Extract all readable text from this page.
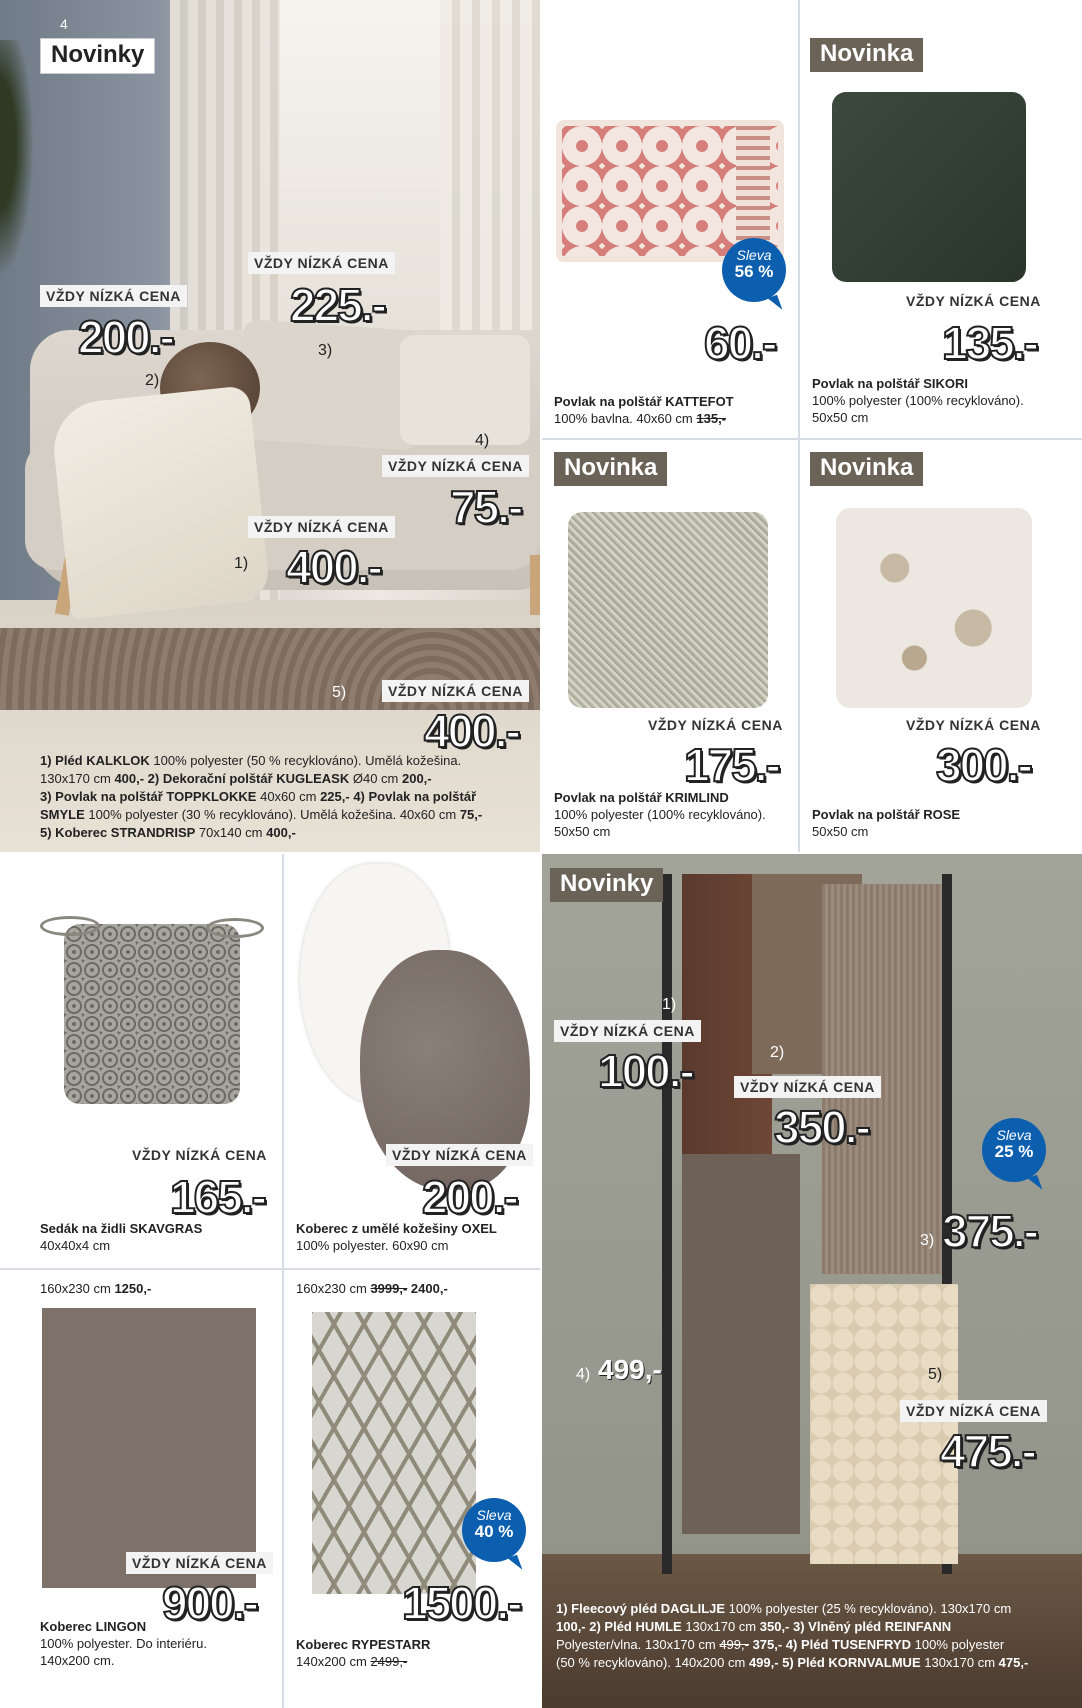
4
Novinky
VŽDY NÍZKÁ CENA
200.-
2)
VŽDY NÍZKÁ CENA
225.-
3)
4)
VŽDY NÍZKÁ CENA
75.-
VŽDY NÍZKÁ CENA
1) 400.-
5)	VŽDY NÍZKÁ CENA
400.-
1) Pléd KALKLOK 100% polyester (50 % recyklováno). Umělá kožešina.
130x170 cm 400,- 2) Dekorační polštář KUGLEASK Ø40 cm 200,-
3) Povlak na polštář TOPPKLOKKE 40x60 cm 225,- 4) Povlak na polštář
SMYLE 100% polyester (30 % recyklováno). Umělá kožešina. 40x60 cm 75,-
5) Koberec STRANDRISP 70x140 cm 400,-
Sleva
56 %
60.-
Povlak na polštář KATTEFOT
100% bavlna. 40x60 cm 135,-
Novinka
VŽDY NÍZKÁ CENA
135.-
Povlak na polštář SIKORI
100% polyester (100% recyklováno).
50x50 cm
Novinka
VŽDY NÍZKÁ CENA
175.-
Povlak na polštář KRIMLIND
100% polyester (100% recyklováno).
50x50 cm
Novinka
VŽDY NÍZKÁ CENA
300.-
Povlak na polštář ROSE
50x50 cm
VŽDY NÍZKÁ CENA
165.-
Sedák na židli SKAVGRAS
40x40x4 cm
VŽDY NÍZKÁ CENA
200.-
Koberec z umělé kožešiny OXEL
100% polyester. 60x90 cm
160x230 cm 1250,-
VŽDY NÍZKÁ CENA
900.-
Koberec LINGON
100% polyester. Do interiéru.
140x200 cm.
160x230 cm 3999,- 2400,-
Sleva
40 %
1500.-
Koberec RYPESTARR
140x200 cm 2499,-
Novinky
1)
VŽDY NÍZKÁ CENA
100.-	2)
VŽDY NÍZKÁ CENA
350.-	Sleva
25 %
3) 375.-
4) 499,-	5)
VŽDY NÍZKÁ CENA
475.-
1) Fleecový pléd DAGLILJE 100% polyester (25 % recyklováno). 130x170 cm
100,- 2) Pléd HUMLE 130x170 cm 350,- 3) Vlněný pléd REINFANN
Polyester/vlna. 130x170 cm 499,- 375,- 4) Pléd TUSENFRYD 100% polyester
(50 % recyklováno). 140x200 cm 499,- 5) Pléd KORNVALMUE 130x170 cm 475,-
